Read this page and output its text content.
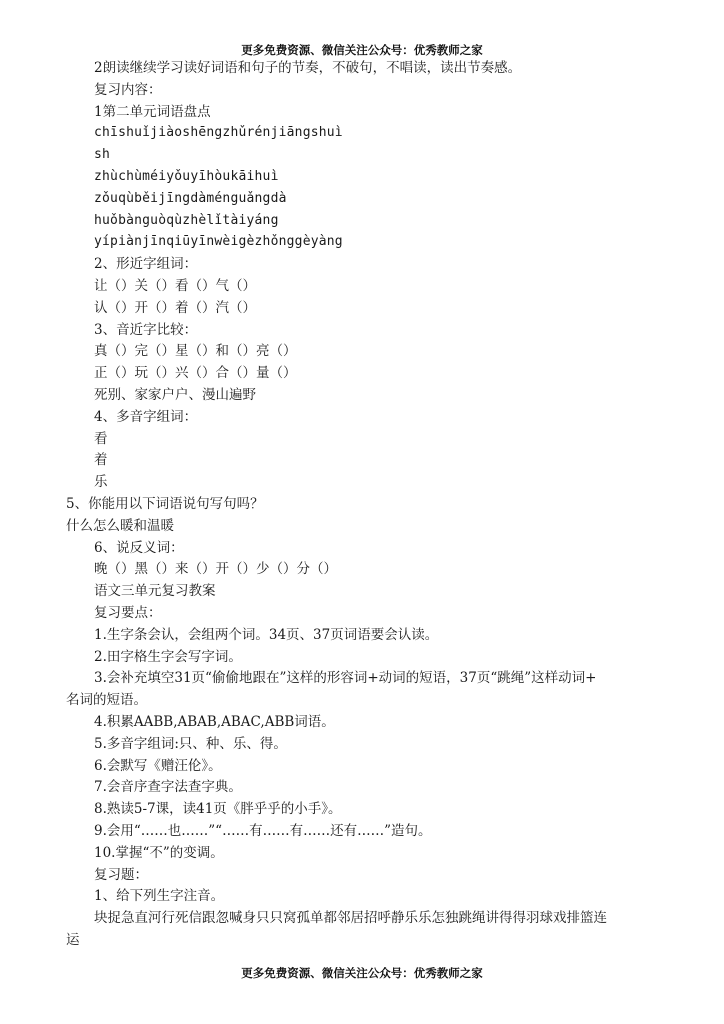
更多免费资源、微信关注公众号：优秀教师之家
2朗读继续学习读好词语和句子的节奏，不破句，不唱读，读出节奏感。
复习内容：
1第二单元词语盘点
chīshuǐjiàoshēngzhǔrénjiāngshuì
sh
zhùchùméiyǒuyīhòukāihuì
zǒuqùběijīngdàménguǎngdà
huǒbànguòqùzhèlǐtàiyáng
yípiànjīnqiūyīnwèigèzhǒnggèyàng
2、形近字组词：
让（）关（）看（）气（）
认（）开（）着（）汽（）
3、音近字比较：
真（）完（）星（）和（）亮（）
正（）玩（）兴（）合（）量（）
死别、家家户户、漫山遍野
4、多音字组词：
看
着
乐
5、你能用以下词语说句写句吗？
什么怎么暖和温暖
6、说反义词：
晚（）黑（）来（）开（）少（）分（）
语文三单元复习教案
复习要点：
1.生字条会认，会组两个词。34页、37页词语要会认读。
2.田字格生字会写字词。
3.会补充填空31页“偷偷地跟在”这样的形容词+动词的短语，37页“跳绳”这样动词+
名词的短语。
4.积累AABB,ABAB,ABAC,ABB词语。
5.多音字组词:只、种、乐、得。
6.会默写《赠汪伦》。
7.会音序查字法查字典。
8.熟读5-7课，读41页《胖乎乎的小手》。
9.会用“……也……”“……有……有……还有……”造句。
10.掌握“不”的变调。
复习题：
1、给下列生字注音。
块捉急直河行死信跟忽喊身只只窝孤单都邻居招呼静乐乐怎独跳绳讲得得羽球戏排篮连
运
更多免费资源、微信关注公众号：优秀教师之家
